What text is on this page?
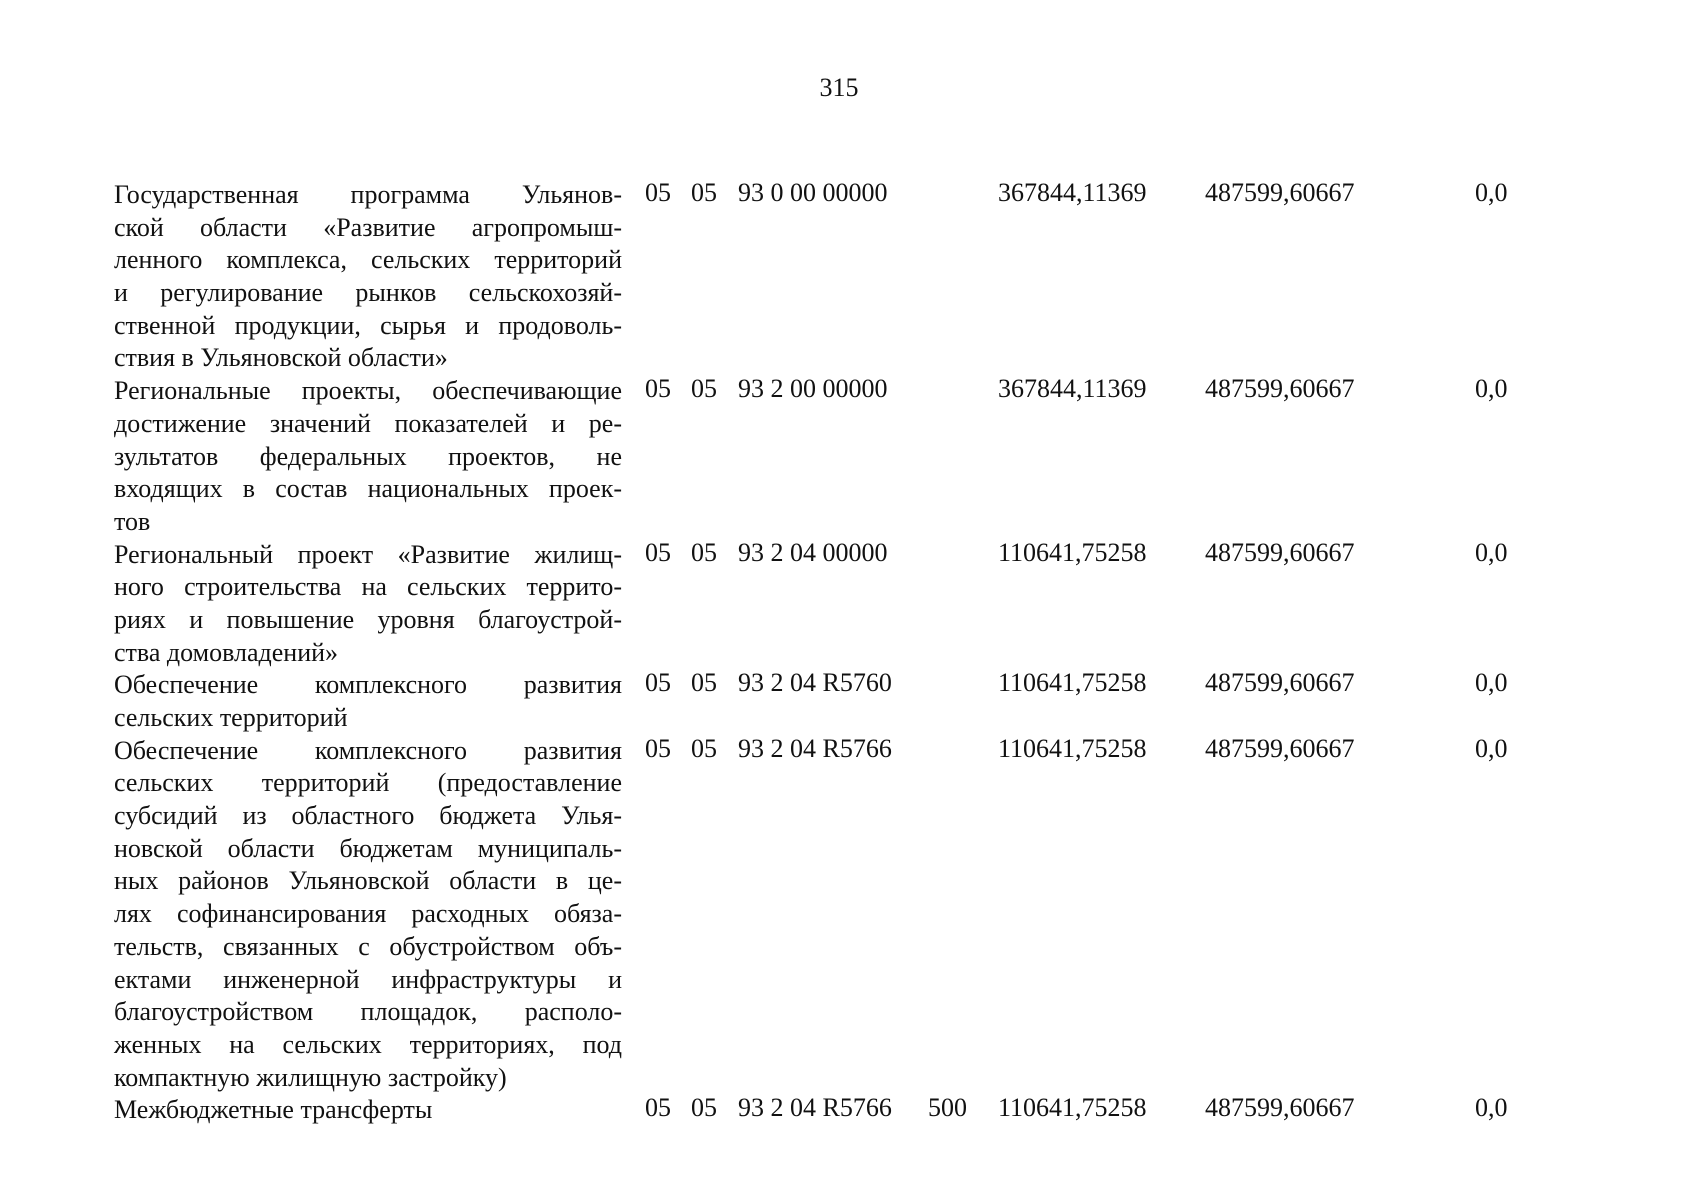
315
Государственная программа Ульянов-
ской области «Развитие агропромыш-
ленного комплекса, сельских территорий
и регулирование рынков сельскохозяй-
ственной продукции, сырья и продоволь-
ствия в Ульяновской области»
05 05 93 0 00 00000	367844,11369 487599,60667	0,0
Региональные проекты, обеспечивающие
достижение значений показателей и ре-
зультатов федеральных проектов, не
входящих в состав национальных проек-
тов
05 05 93 2 00 00000	367844,11369 487599,60667	0,0
Региональный проект «Развитие жилищ-
ного строительства на сельских террито-
риях и повышение уровня благоустрой-
ства домовладений»
05 05 93 2 04 00000	110641,75258 487599,60667	0,0
Обеспечение комплексного развития
сельских территорий
05 05 93 2 04 R5760	110641,75258 487599,60667	0,0
Обеспечение комплексного развития
сельских территорий (предоставление
субсидий из областного бюджета Улья-
новской области бюджетам муниципаль-
ных районов Ульяновской области в це-
лях софинансирования расходных обяза-
тельств, связанных с обустройством объ-
ектами инженерной инфраструктуры и
благоустройством площадок, располо-
женных на сельских территориях, под
компактную жилищную застройку)
05 05 93 2 04 R5766	110641,75258 487599,60667	0,0
Межбюджетные трансферты	05 05 93 2 04 R5766 500 110641,75258 487599,60667	0,0
